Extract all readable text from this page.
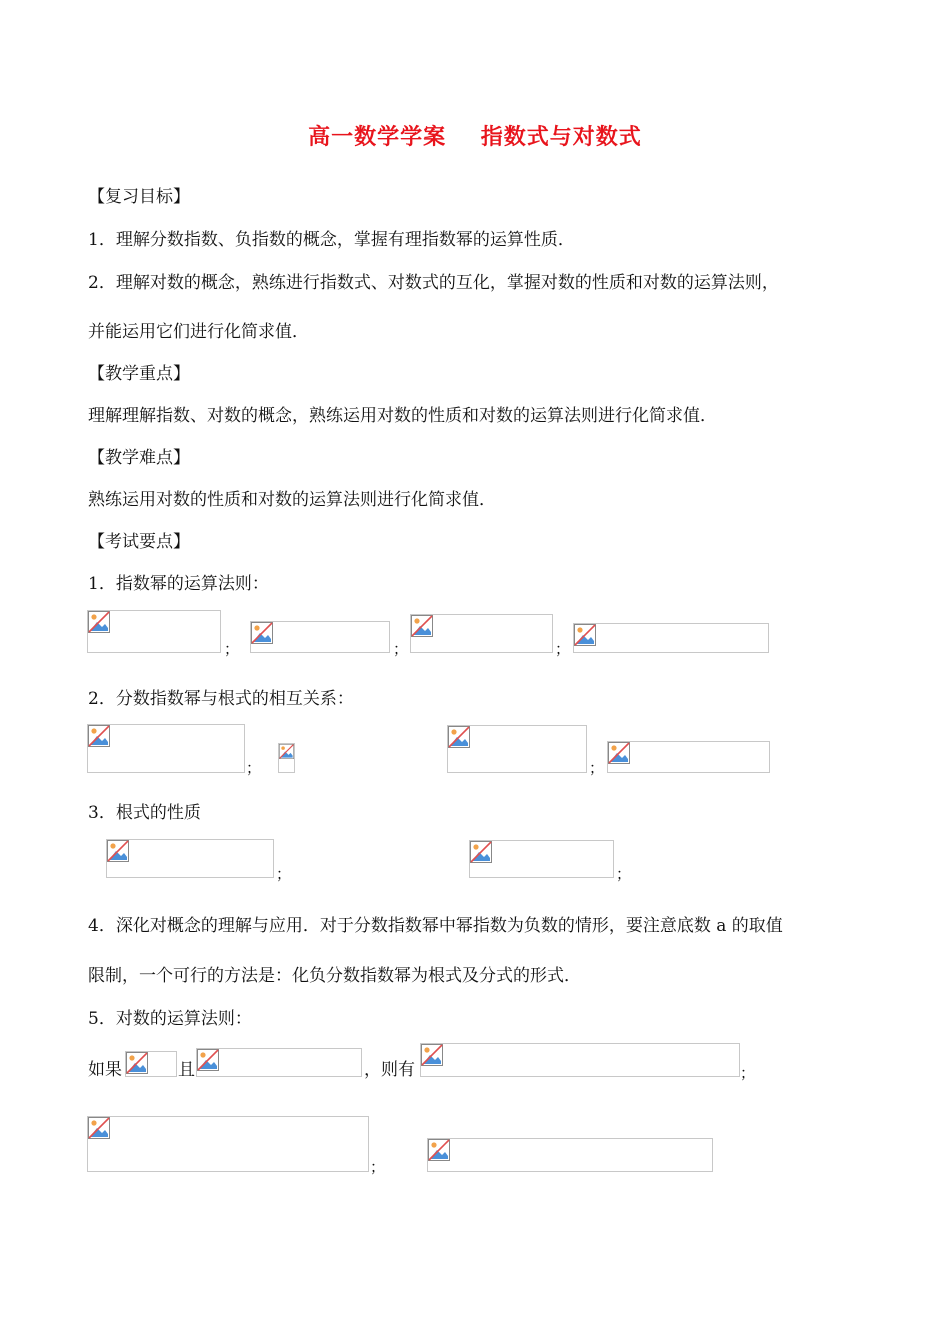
高一数学学案    指数式与对数式
【复习目标】
1．理解分数指数、负指数的概念，掌握有理指数幂的运算性质．
2．理解对数的概念，熟练进行指数式、对数式的互化，掌握对数的性质和对数的运算法则，
并能运用它们进行化简求值．
【教学重点】
理解理解指数、对数的概念，熟练运用对数的性质和对数的运算法则进行化简求值．
【教学难点】
熟练运用对数的性质和对数的运算法则进行化简求值．
【考试要点】
1．指数幂的运算法则：
；	；	；
2．分数指数幂与根式的相互关系：
；	；
3．根式的性质
；	；
4．深化对概念的理解与应用．对于分数指数幂中幂指数为负数的情形，要注意底数 a 的取值
限制，一个可行的方法是：化负分数指数幂为根式及分式的形式．
5．对数的运算法则：
如果	且	，则有	；
；
